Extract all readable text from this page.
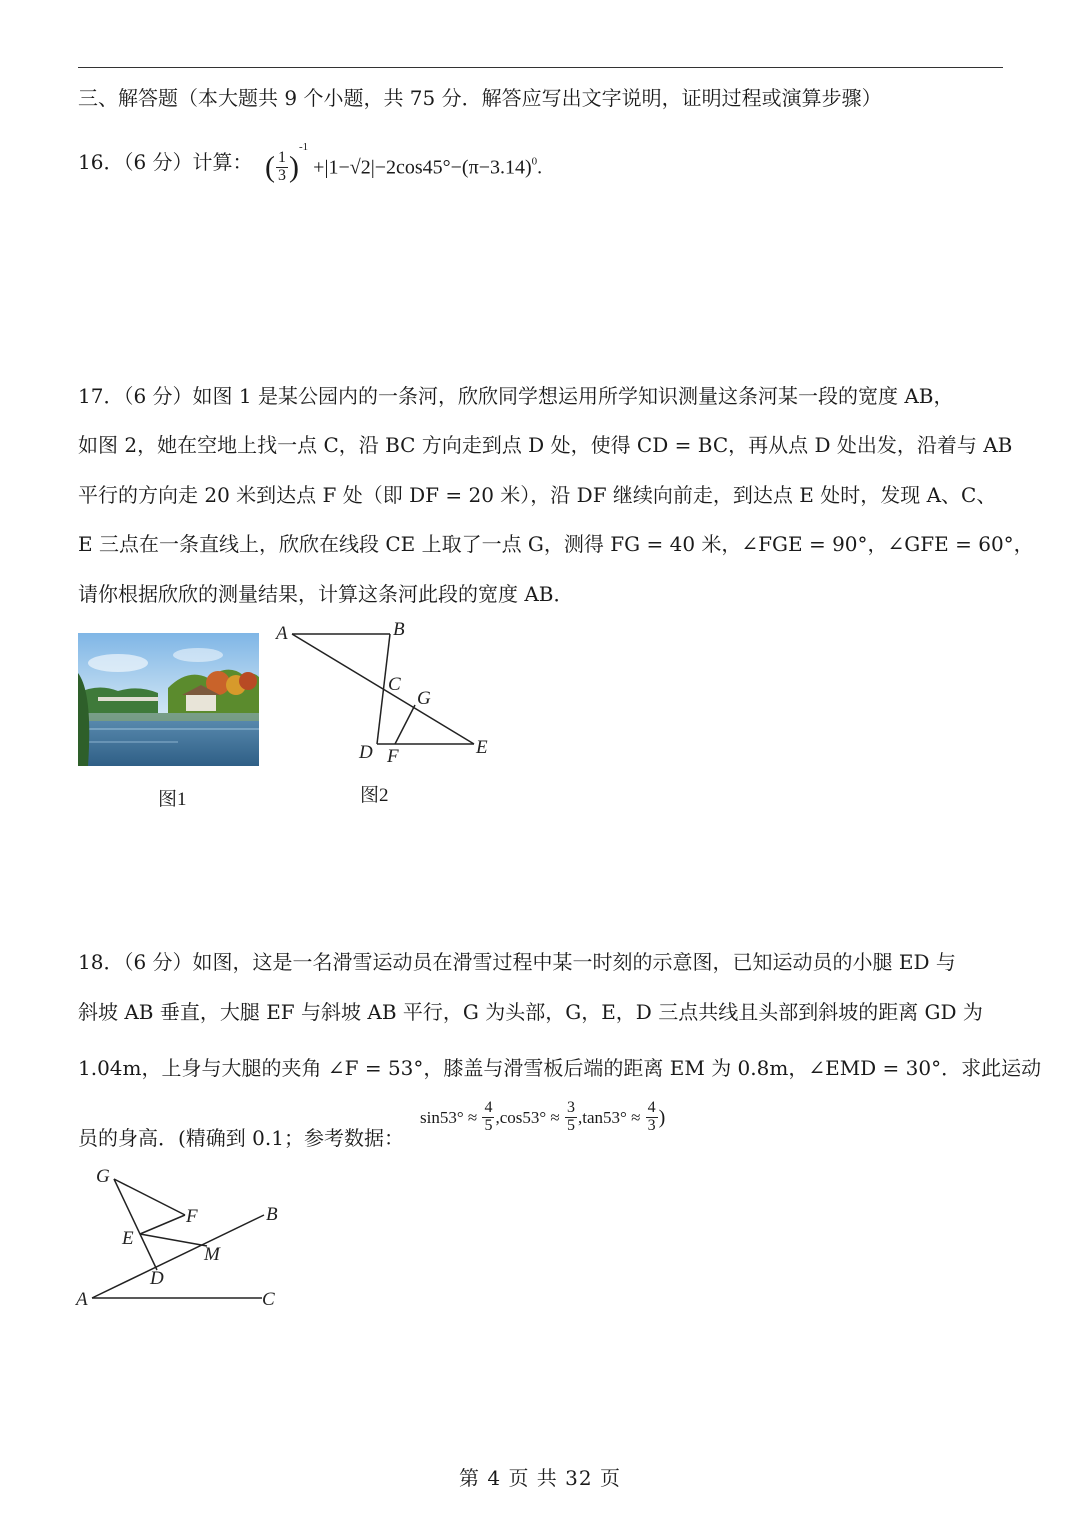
三、解答题（本大题共 9 个小题，共 75 分．解答应写出文字说明，证明过程或演算步骤）
16．（6 分）计算： ( $\frac{1}{3} )^{-1} +|1-√2|-2\cos 45^\circ-(\pi-3.14)^0$.
17．（6 分）如图 1 是某公园内的一条河，欣欣同学想运用所学知识测量这条河某一段的宽度 AB，
如图 2，她在空地上找一点 C，沿 BC 方向走到点 D 处，使得 CD = BC，再从点 D 处出发，沿着与 AB
平行的方向走 20 米到达点 F 处（即 DF = 20 米），沿 DF 继续向前走，到达点 E 处时，发现 A、C、
E 三点在一条直线上，欣欣在线段 CE 上取了一点 G，测得 FG = 40 米，∠FGE = 90°，∠GFE = 60°，
请你根据欣欣的测量结果，计算这条河此段的宽度 AB．
图1
A	B
C
G
D F	E
图2
18．（6 分）如图，这是一名滑雪运动员在滑雪过程中某一时刻的示意图，已知运动员的小腿 ED 与
斜坡 AB 垂直，大腿 EF 与斜坡 AB 平行，G 为头部，G，E，D 三点共线且头部到斜坡的距离 GD 为
1.04m，上身与大腿的夹角 ∠F = 53°，膝盖与滑雪板后端的距离 EM 为 0.8m，∠EMD = 30°．求此运动
员的身高．(精确到 0.1；参考数据：
$\sin 53^\circ \approx \frac{4}{5} ,\cos 53^\circ \approx \frac{3}{5} ,\tan 53^\circ \approx \frac{4}{3}$ )
G
F	B
E
M
D
A	C
第 4 页 共 32 页
